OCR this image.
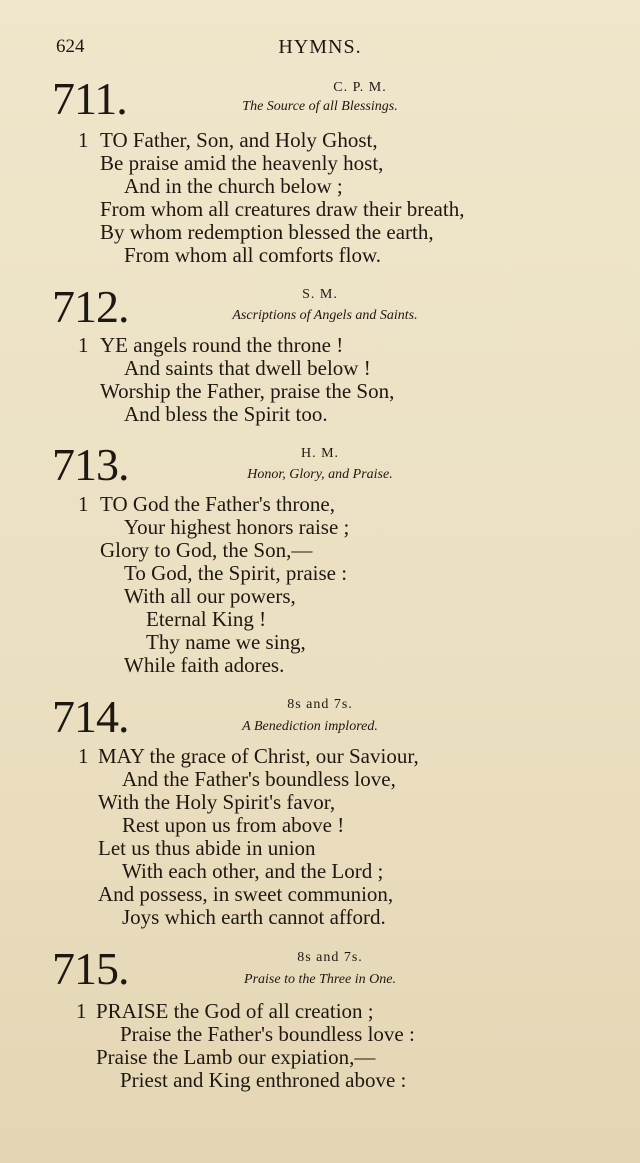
624	HYMNS.
711.	C. P. M.
The Source of all Blessings.
1 TO Father, Son, and Holy Ghost,
Be praise amid the heavenly host,
And in the church below ;
From whom all creatures draw their breath,
By whom redemption blessed the earth,
From whom all comforts flow.
712.	S. M.
Ascriptions of Angels and Saints.
1 YE angels round the throne !
And saints that dwell below !
Worship the Father, praise the Son,
And bless the Spirit too.
713.	H. M.
Honor, Glory, and Praise.
1 TO God the Father's throne,
Your highest honors raise ;
Glory to God, the Son,—
To God, the Spirit, praise :
With all our powers,
Eternal King !
Thy name we sing,
While faith adores.
714.	8s and 7s.
A Benediction implored.
1 MAY the grace of Christ, our Saviour,
And the Father's boundless love,
With the Holy Spirit's favor,
Rest upon us from above !
Let us thus abide in union
With each other, and the Lord ;
And possess, in sweet communion,
Joys which earth cannot afford.
715.	8s and 7s.
Praise to the Three in One.
1 PRAISE the God of all creation ;
Praise the Father's boundless love :
Praise the Lamb our expiation,—
Priest and King enthroned above :
